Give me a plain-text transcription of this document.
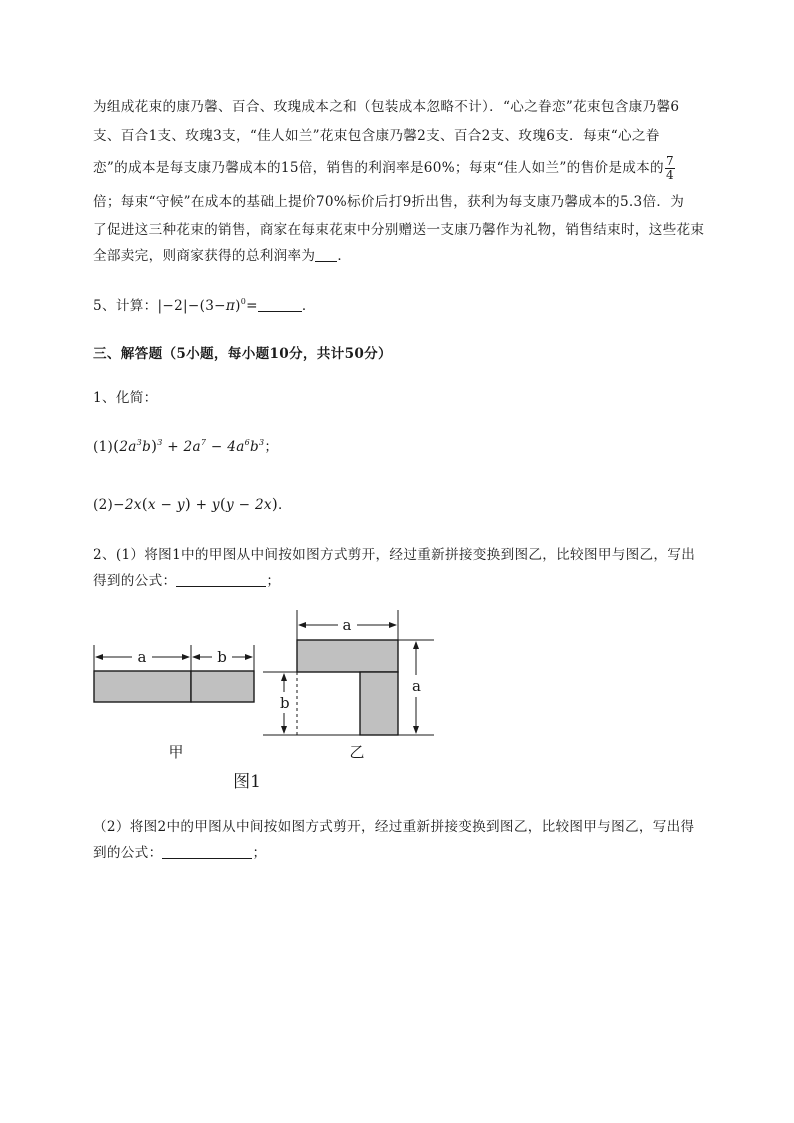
为组成花束的康乃馨、百合、玫瑰成本之和（包装成本忽略不计）．“心之眷恋”花束包含康乃馨6
支、百合1支、玫瑰3支，“佳人如兰”花束包含康乃馨2支、百合2支、玫瑰6支．每束“心之眷
恋”的成本是每支康乃馨成本的15倍，销售的利润率是60%；每束“佳人如兰”的售价是成本的 $\frac{7}{4}$
倍；每束“守候”在成本的基础上提价70%标价后打9折出售，获利为每支康乃馨成本的5.3倍．为
了促进这三种花束的销售，商家在每束花束中分别赠送一支康乃馨作为礼物，销售结束时，这些花束
全部卖完，则商家获得的总利润率为 ．
5、计算：$|-2|-(3-\pi)^0=$	．
三、解答题（5小题，每小题10分，共计50分）
1、化简：
$(1)(2a^3b)^3 + 2a^7 - 4a^6b^3$；
(2)−2x(x − y) + y(y − 2x)．
2、(1）将图1中的甲图从中间按如图方式剪开，经过重新拼接变换到图乙，比较图甲与图乙，写出
得到的公式：	；
a	b
甲
a
a
b
乙
图1
（2）将图2中的甲图从中间按如图方式剪开，经过重新拼接变换到图乙，比较图甲与图乙，写出得
到的公式：	；
